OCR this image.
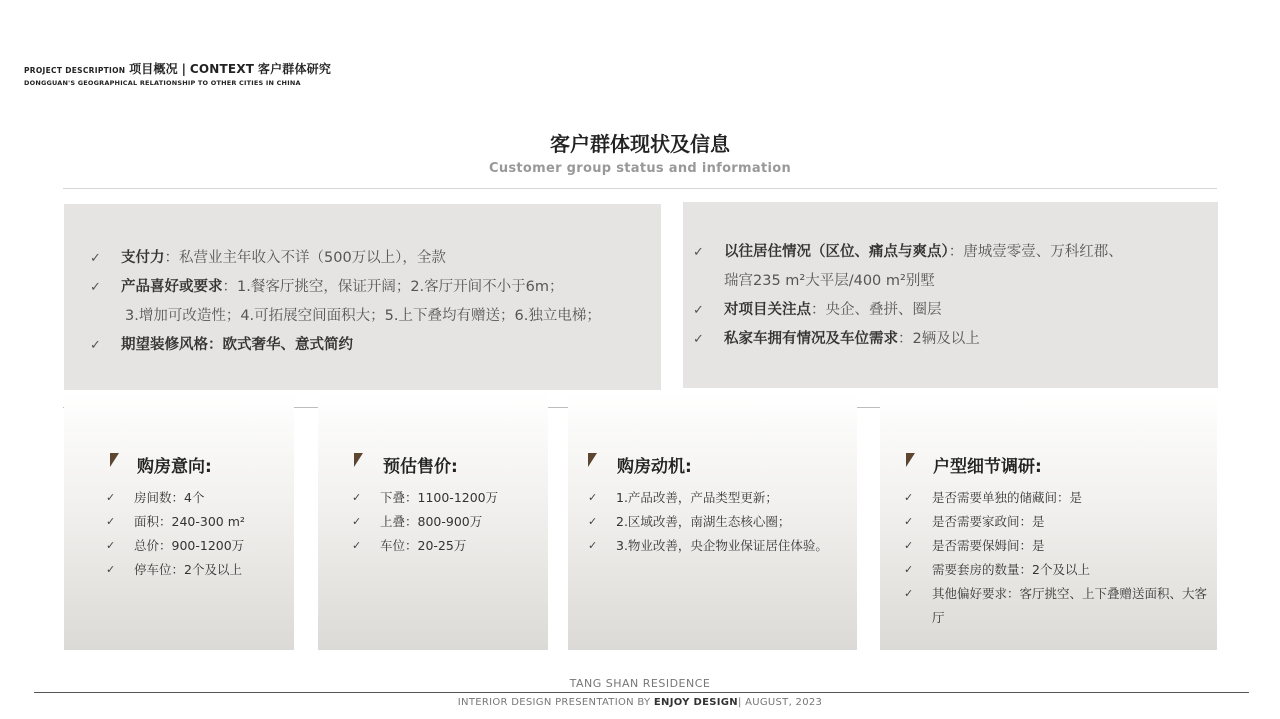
PROJECT DESCRIPTION 项目概况 | CONTEXT 客户群体研究
DONGGUAN'S GEOGRAPHICAL RELATIONSHIP TO OTHER CITIES IN CHINA
客户群体现状及信息
Customer group status and information
✓ 支付力：私营业主年收入不详（500万以上），全款
✓ 产品喜好或要求：1.餐客厅挑空，保证开阔；2.客厅开间不小于6m；
3.增加可改造性；4.可拓展空间面积大；5.上下叠均有赠送；6.独立电梯；
✓ 期望装修风格：欧式奢华、意式简约
✓ 以往居住情况（区位、痛点与爽点）：唐城壹零壹、万科红郡、
瑞宫235 m²大平层/400 m²别墅
✓ 对项目关注点：央企、叠拼、圈层
✓ 私家车拥有情况及车位需求：2辆及以上
购房意向:
✓ 房间数：4个
✓ 面积：240-300 m²
✓ 总价：900-1200万
✓ 停车位：2个及以上
预估售价:
✓ 下叠：1100-1200万
✓ 上叠：800-900万
✓ 车位：20-25万
购房动机:
✓ 1.产品改善，产品类型更新；
✓ 2.区域改善，南湖生态核心圈；
✓ 3.物业改善，央企物业保证居住体验。
户型细节调研:
✓ 是否需要单独的储藏间：是
✓ 是否需要家政间：是
✓ 是否需要保姆间：是
✓ 需要套房的数量：2个及以上
✓ 其他偏好要求：客厅挑空、上下叠赠送面积、大客厅
TANG SHAN RESIDENCE
INTERIOR DESIGN PRESENTATION BY ENJOY DESIGN| AUGUST, 2023
